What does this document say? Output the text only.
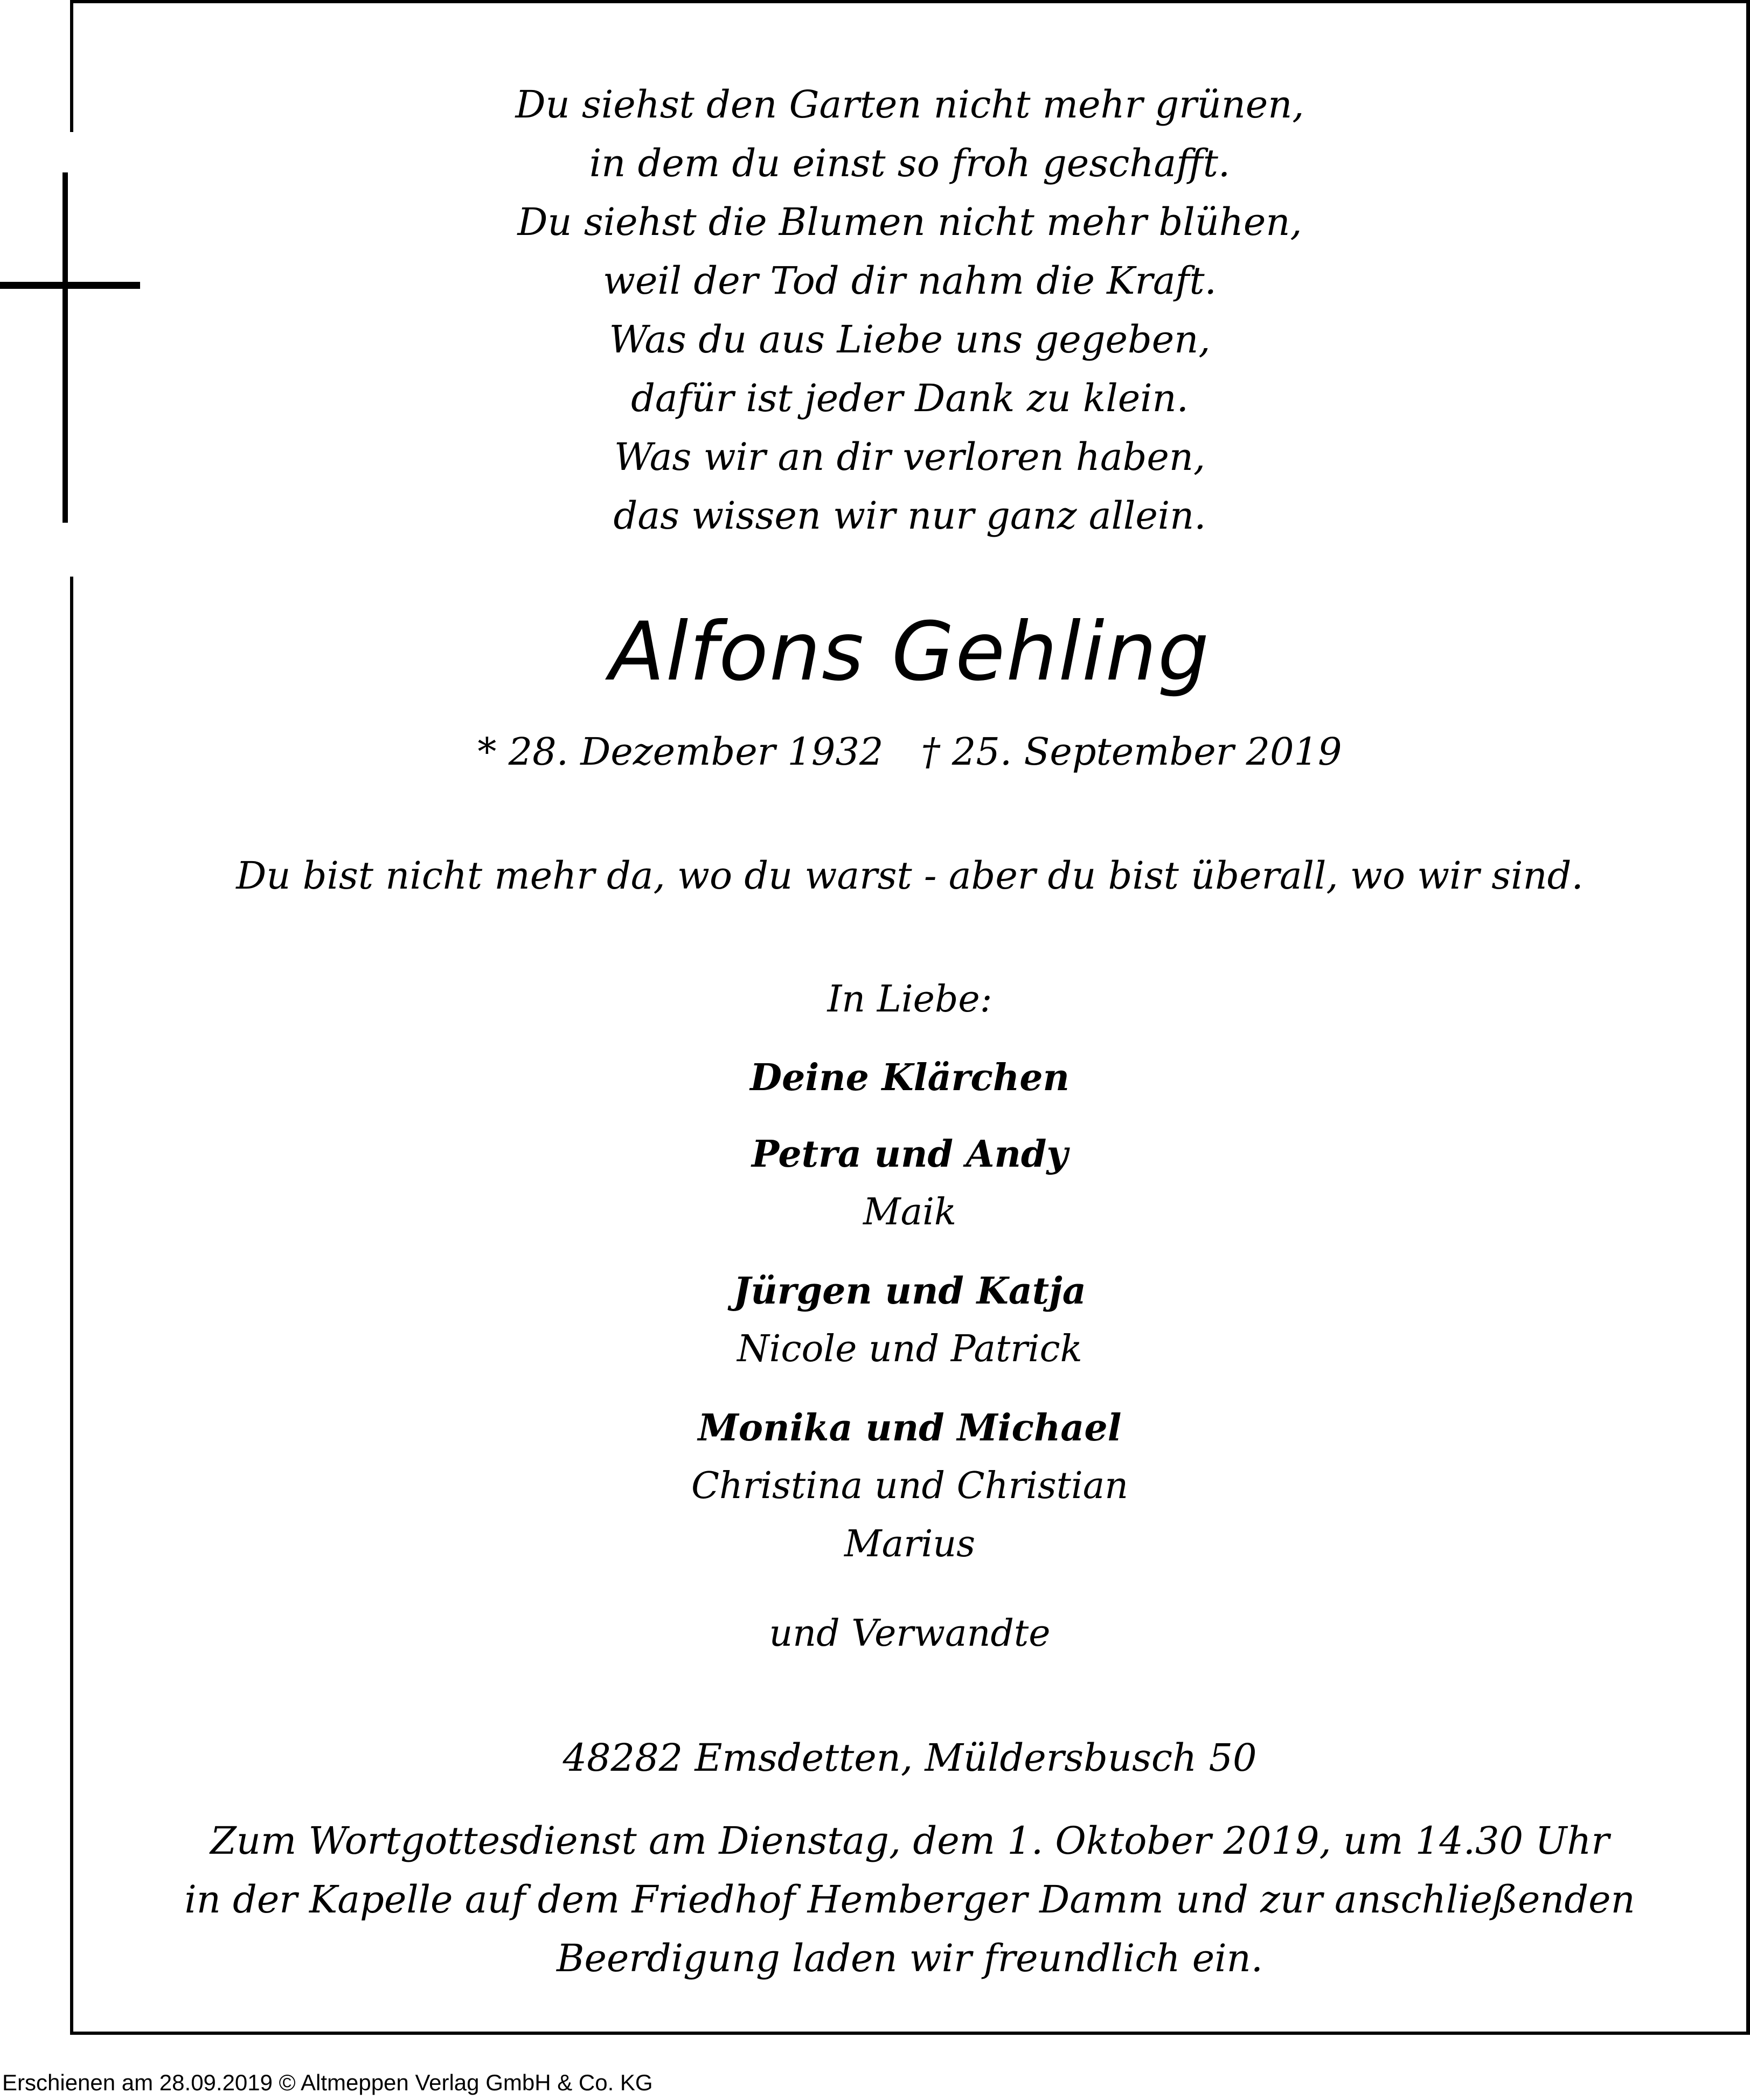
Du siehst den Garten nicht mehr grünen,
in dem du einst so froh geschafft.
Du siehst die Blumen nicht mehr blühen,
weil der Tod dir nahm die Kraft.
Was du aus Liebe uns gegeben,
dafür ist jeder Dank zu klein.
Was wir an dir verloren haben,
das wissen wir nur ganz allein.
Alfons Gehling
* 28. Dezember 1932 † 25. September 2019
Du bist nicht mehr da, wo du warst - aber du bist überall, wo wir sind.
In Liebe:
Deine Klärchen
Petra und Andy
Maik
Jürgen und Katja
Nicole und Patrick
Monika und Michael
Christina und Christian
Marius
und Verwandte
48282 Emsdetten, Müldersbusch 50
Zum Wortgottesdienst am Dienstag, dem 1. Oktober 2019, um 14.30 Uhr
in der Kapelle auf dem Friedhof Hemberger Damm und zur anschließenden
Beerdigung laden wir freundlich ein.
Erschienen am 28.09.2019 © Altmeppen Verlag GmbH & Co. KG
